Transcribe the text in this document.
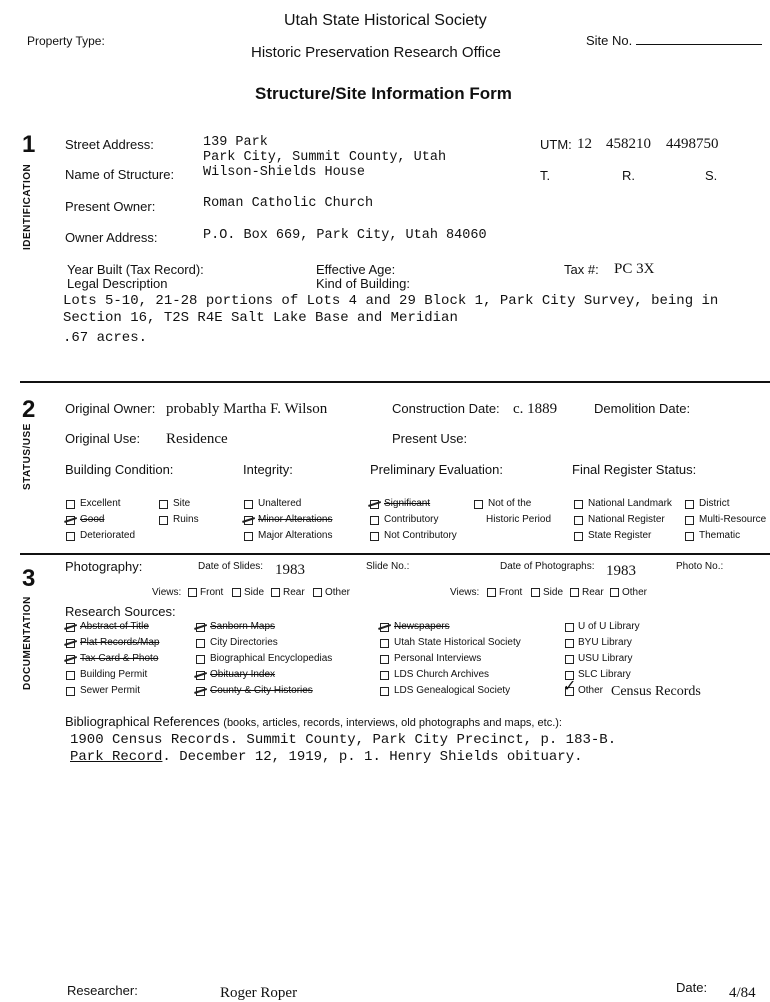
Utah State Historical Society
Property Type:	Site No.
Historic Preservation Research Office
Structure/Site Information Form
1
IDENTIFICATION
Street Address:	139 Park
Park City, Summit County, Utah
UTM: 12 458210 4498750
Name of Structure: Wilson-Shields House	T.	R.	S.
Present Owner:	Roman Catholic Church
Owner Address:	P.O. Box 669, Park City, Utah 84060
Year Built (Tax Record):	Effective Age:	Tax #: PC 3X
Legal Description	Kind of Building:
Lots 5-10, 21-28 portions of Lots 4 and 29 Block 1, Park City Survey, being in
Section 16, T2S R4E Salt Lake Base and Meridian
.67 acres.
2
STATUS/USE
Original Owner: probably Martha F. Wilson	Construction Date: c. 1889	Demolition Date:
Original Use: Residence	Present Use:
Building Condition:	Integrity:	Preliminary Evaluation:	Final Register Status:
Excellent
Good
Deteriorated
Site
Ruins
Unaltered
Minor Alterations
Major Alterations
Significant
Contributory
Not Contributory
Not of the
Historic Period
National Landmark
National Register
State Register
District
Multi-Resource
Thematic
3
DOCUMENTATION
Photography:	Date of Slides: 1983	Slide No.:	Date of Photographs: 1983	Photo No.:
Views: Front Side Rear Other	Views: Front Side Rear Other
Research Sources:
Abstract of Title
Plat Records/Map
Tax Card & Photo
Building Permit
Sewer Permit
Sanborn Maps
City Directories
Biographical Encyclopedias
Obituary Index
County & City Histories
Newspapers
Utah State Historical Society
Personal Interviews
LDS Church Archives
LDS Genealogical Society
U of U Library
BYU Library
USU Library
SLC Library
✓ Other Census Records
Bibliographical References (books, articles, records, interviews, old photographs and maps, etc.):
1900 Census Records. Summit County, Park City Precinct, p. 183-B.
Park Record. December 12, 1919, p. 1. Henry Shields obituary.
Researcher:	Roger Roper	Date: 4/84
